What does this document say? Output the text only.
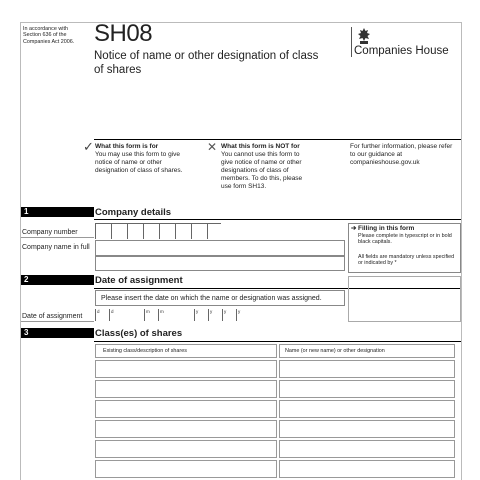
In accordance with Section 636 of the Companies Act 2006. SH08
Notice of name or other designation of class of shares
Companies House
✓ What this form is for
You may use this form to give notice of name or other designation of class of shares.
✕ What this form is NOT for
You cannot use this form to give notice of name or other designations of class of members. To do this, please use form SH13.
For further information, please refer to our guidance at companieshouse.gov.uk
1	Company details
Company number
Company name in full
➔ Filling in this form
Please complete in typescript or in bold black capitals.
All fields are mandatory unless specified or indicated by *
2	Date of assignment
Please insert the date on which the name or designation was assigned.
Date of assignment
d	d	m	m	y	y	y	y
3	Class(es) of shares
Existing class/description of shares	Name (or new name) or other designation
